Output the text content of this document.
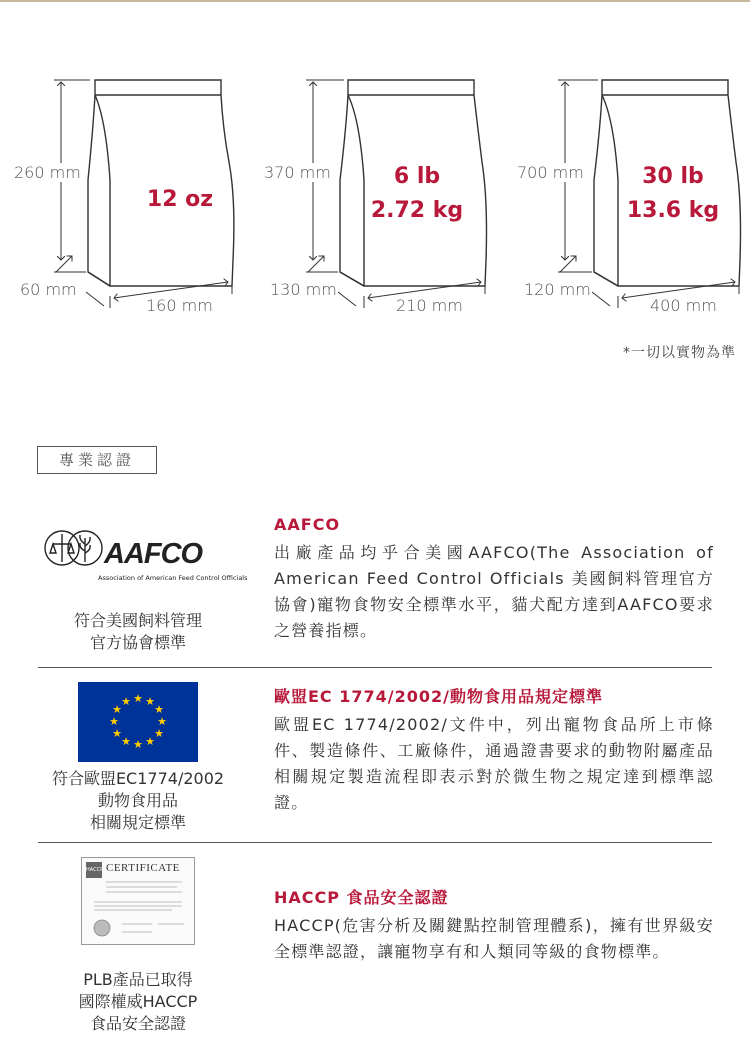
260 mm
60 mm
160 mm
12 oz
370 mm
130 mm
210 mm
6 lb
2.72 kg
700 mm
120 mm
400 mm
30 lb
13.6 kg
*一切以實物為準
專業認證
AAFCO
Association of American Feed Control Officials
符合美國飼料管理
官方協會標準
AAFCO
出廠產品均乎合美國AAFCO(The Association of American Feed Control Officials 美國飼料管理官方協會)寵物食物安全標準水平，貓犬配方達到AAFCO要求之營養指標。
★ ★
★
★
★
★
★
★
★
★
★
★
符合歐盟EC1774/2002
動物食用品
相關規定標準
歐盟EC 1774/2002/動物食用品規定標準
歐盟EC 1774/2002/文件中，列出寵物食品所上市條件、製造條件、工廠條件，通過證書要求的動物附屬產品相關規定製造流程即表示對於微生物之規定達到標準認證。
HACCP CERTIFICATE
PLB產品已取得
國際權威HACCP
食品安全認證
HACCP 食品安全認證
HACCP(危害分析及關鍵點控制管理體系)，擁有世界級安全標準認證，讓寵物享有和人類同等級的食物標準。
